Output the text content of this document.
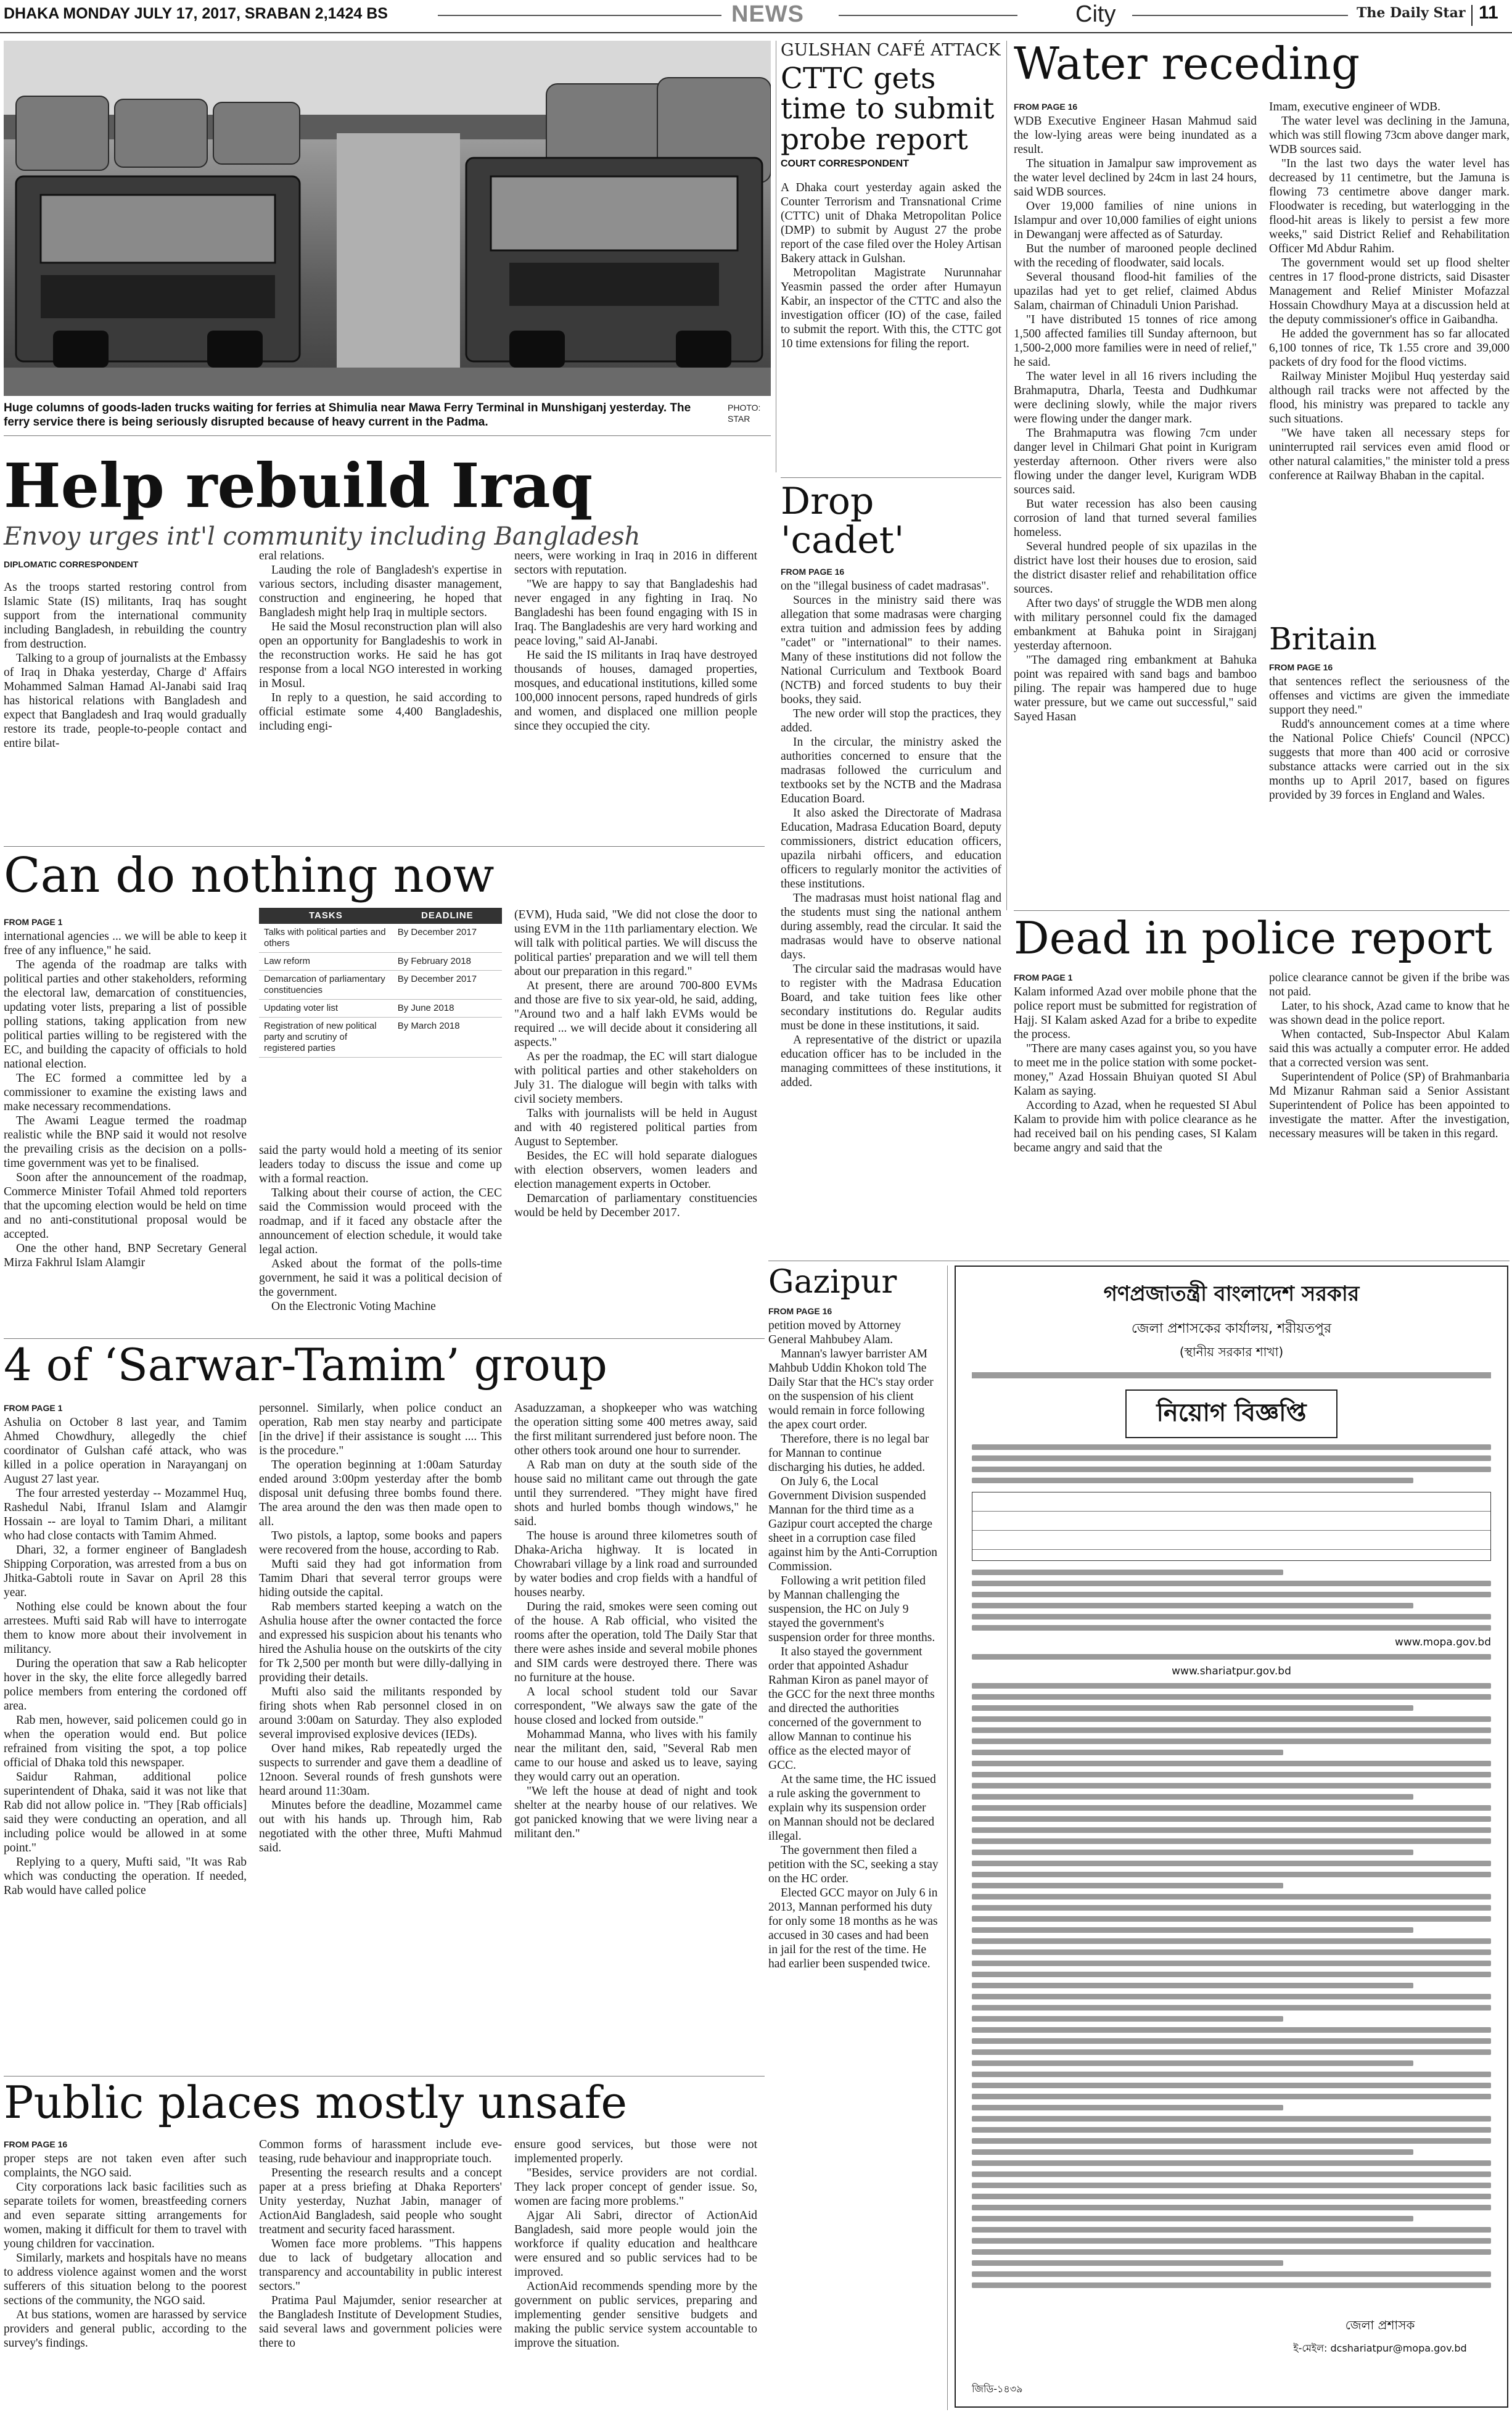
DHAKA MONDAY JULY 17, 2017, SRABAN 2,1424 BS	NEWS	City	The Daily Star 11
Huge columns of goods-laden trucks waiting for ferries at Shimulia near Mawa Ferry Terminal in Munshiganj yesterday. The ferry service there is being seriously disrupted because of heavy current in the Padma.
PHOTO: STAR
GULSHAN CAFÉ ATTACK
CTTC gets time to submit probe report
COURT CORRESPONDENT

A Dhaka court yesterday again asked the Counter Terrorism and Transnational Crime (CTTC) unit of Dhaka Metropolitan Police (DMP) to submit by August 27 the probe report of the case filed over the Holey Artisan Bakery attack in Gulshan.

Metropolitan Magistrate Nurunnahar Yeasmin passed the order after Humayun Kabir, an inspector of the CTTC and also the investigation officer (IO) of the case, failed to submit the report. With this, the CTTC got 10 time extensions for filing the report.

Water receding
FROM PAGE 16

WDB Executive Engineer Hasan Mahmud said the low-lying areas were being inundated as a result.

The situation in Jamalpur saw improvement as the water level declined by 24cm in last 24 hours, said WDB sources.

Over 19,000 families of nine unions in Islampur and over 10,000 families of eight unions in Dewanganj were affected as of Saturday.

But the number of marooned people declined with the receding of floodwater, said locals.

Several thousand flood-hit families of the upazilas had yet to get relief, claimed Abdus Salam, chairman of Chinaduli Union Parishad.

"I have distributed 15 tonnes of rice among 1,500 affected families till Sunday afternoon, but 1,500-2,000 more families were in need of relief," he said.

The water level in all 16 rivers including the Brahmaputra, Dharla, Teesta and Dudhkumar were declining slowly, while the major rivers were flowing under the danger mark.

The Brahmaputra was flowing 7cm under danger level in Chilmari Ghat point in Kurigram yesterday afternoon. Other rivers were also flowing under the danger level, Kurigram WDB sources said.

But water recession has also been causing corrosion of land that turned several families homeless.

Several hundred people of six upazilas in the district have lost their houses due to erosion, said the district disaster relief and rehabilitation office sources.

After two days' of struggle the WDB men along with military personnel could fix the damaged embankment at Bahuka point in Sirajganj yesterday afternoon.

"The damaged ring embankment at Bahuka point was repaired with sand bags and bamboo piling. The repair was hampered due to huge water pressure, but we came out successful," said Sayed Hasan

Imam, executive engineer of WDB.

The water level was declining in the Jamuna, which was still flowing 73cm above danger mark, WDB sources said.

"In the last two days the water level has decreased by 11 centimetre, but the Jamuna is flowing 73 centimetre above danger mark. Floodwater is receding, but waterlogging in the flood-hit areas is likely to persist a few more weeks," said District Relief and Rehabilitation Officer Md Abdur Rahim.

The government would set up flood shelter centres in 17 flood-prone districts, said Disaster Management and Relief Minister Mofazzal Hossain Chowdhury Maya at a discussion held at the deputy commissioner's office in Gaibandha.

He added the government has so far allocated 6,100 tonnes of rice, Tk 1.55 crore and 39,000 packets of dry food for the flood victims.

Railway Minister Mojibul Huq yesterday said although rail tracks were not affected by the flood, his ministry was prepared to tackle any such situations.

"We have taken all necessary steps for uninterrupted rail services even amid flood or other natural calamities," the minister told a press conference at Railway Bhaban in the capital.

Britain
FROM PAGE 16

that sentences reflect the seriousness of the offenses and victims are given the immediate support they need."

Rudd's announcement comes at a time where the National Police Chiefs' Council (NPCC) suggests that more than 400 acid or corrosive substance attacks were carried out in the six months up to April 2017, based on figures provided by 39 forces in England and Wales.

Help rebuild Iraq
Envoy urges int'l community including Bangladesh
DIPLOMATIC CORRESPONDENT

As the troops started restoring control from Islamic State (IS) militants, Iraq has sought support from the international community including Bangladesh, in rebuilding the country from destruction.

Talking to a group of journalists at the Embassy of Iraq in Dhaka yesterday, Charge d' Affairs Mohammed Salman Hamad Al-Janabi said Iraq has historical relations with Bangladesh and expect that Bangladesh and Iraq would gradually restore its trade, people-to-people contact and entire bilat-

eral relations.

Lauding the role of Bangladesh's expertise in various sectors, including disaster management, construction and engineering, he hoped that Bangladesh might help Iraq in multiple sectors.

He said the Mosul reconstruction plan will also open an opportunity for Bangladeshis to work in the reconstruction works. He said he has got response from a local NGO interested in working in Mosul.

In reply to a question, he said according to official estimate some 4,400 Bangladeshis, including engi-

neers, were working in Iraq in 2016 in different sectors with reputation.

"We are happy to say that Bangladeshis had never engaged in any fighting in Iraq. No Bangladeshi has been found engaging with IS in Iraq. The Bangladeshis are very hard working and peace loving," said Al-Janabi.

He said the IS militants in Iraq have destroyed thousands of houses, damaged properties, mosques, and educational institutions, killed some 100,000 innocent persons, raped hundreds of girls and women, and displaced one million people since they occupied the city.

Drop 'cadet'
FROM PAGE 16

on the "illegal business of cadet madrasas".

Sources in the ministry said there was allegation that some madrasas were charging extra tuition and admission fees by adding "cadet" or "international" to their names. Many of these institutions did not follow the National Curriculum and Textbook Board (NCTB) and forced students to buy their books, they said.

The new order will stop the practices, they added.

In the circular, the ministry asked the authorities concerned to ensure that the madrasas followed the curriculum and textbooks set by the NCTB and the Madrasa Education Board.

It also asked the Directorate of Madrasa Education, Madrasa Education Board, deputy commissioners, district education officers, upazila nirbahi officers, and education officers to regularly monitor the activities of these institutions.

The madrasas must hoist national flag and the students must sing the national anthem during assembly, read the circular. It said the madrasas would have to observe national days.

The circular said the madrasas would have to register with the Madrasa Education Board, and take tuition fees like other secondary institutions do. Regular audits must be done in these institutions, it said.

A representative of the district or upazila education officer has to be included in the managing committees of these institutions, it added.

Can do nothing now
FROM PAGE 1

international agencies ... we will be able to keep it free of any influence," he said.

The agenda of the roadmap are talks with political parties and other stakeholders, reforming the electoral law, demarcation of constituencies, updating voter lists, preparing a list of possible polling stations, taking application from new political parties willing to be registered with the EC, and building the capacity of officials to hold national election.

The EC formed a committee led by a commissioner to examine the existing laws and make necessary recommendations.

The Awami League termed the roadmap realistic while the BNP said it would not resolve the prevailing crisis as the decision on a polls-time government was yet to be finalised.

Soon after the announcement of the roadmap, Commerce Minister Tofail Ahmed told reporters that the upcoming election would be held on time and no anti-constitutional proposal would be accepted.

One the other hand, BNP Secretary General Mirza Fakhrul Islam Alamgir

TASKS	DEADLINE
Talks with political parties and others	By December 2017
Law reform	By February 2018
Demarcation of parliamentary constituencies	By December 2017
Updating voter list	By June 2018
Registration of new political party and scrutiny of registered parties	By March 2018

said the party would hold a meeting of its senior leaders today to discuss the issue and come up with a formal reaction.

Talking about their course of action, the CEC said the Commission would proceed with the roadmap, and if it faced any obstacle after the announcement of election schedule, it would take legal action.

Asked about the format of the polls-time government, he said it was a political decision of the government.

On the Electronic Voting Machine

(EVM), Huda said, "We did not close the door to using EVM in the 11th parliamentary election. We will talk with political parties. We will discuss the political parties' preparation and we will tell them about our preparation in this regard."

At present, there are around 700-800 EVMs and those are five to six year-old, he said, adding, "Around two and a half lakh EVMs would be required ... we will decide about it considering all aspects."

As per the roadmap, the EC will start dialogue with political parties and other stakeholders on July 31. The dialogue will begin with talks with civil society members.

Talks with journalists will be held in August and with 40 registered political parties from August to September.

Besides, the EC will hold separate dialogues with election observers, women leaders and election management experts in October.

Demarcation of parliamentary constituencies would be held by December 2017.

Dead in police report
FROM PAGE 1

Kalam informed Azad over mobile phone that the police report must be submitted for registration of Hajj. SI Kalam asked Azad for a bribe to expedite the process.

"There are many cases against you, so you have to meet me in the police station with some pocket-money," Azad Hossain Bhuiyan quoted SI Abul Kalam as saying.

According to Azad, when he requested SI Abul Kalam to provide him with police clearance as he had received bail on his pending cases, SI Kalam became angry and said that the

police clearance cannot be given if the bribe was not paid.

Later, to his shock, Azad came to know that he was shown dead in the police report.

When contacted, Sub-Inspector Abul Kalam said this was actually a computer error. He added that a corrected version was sent.

Superintendent of Police (SP) of Brahmanbaria Md Mizanur Rahman said a Senior Assistant Superintendent of Police has been appointed to investigate the matter. After the investigation, necessary measures will be taken in this regard.

Gazipur
FROM PAGE 16

petition moved by Attorney General Mahbubey Alam.

Mannan's lawyer barrister AM Mahbub Uddin Khokon told The Daily Star that the HC's stay order on the suspension of his client would remain in force following the apex court order.

Therefore, there is no legal bar for Mannan to continue discharging his duties, he added.

On July 6, the Local Government Division suspended Mannan for the third time as a Gazipur court accepted the charge sheet in a corruption case filed against him by the Anti-Corruption Commission.

Following a writ petition filed by Mannan challenging the suspension, the HC on July 9 stayed the government's suspension order for three months.

It also stayed the government order that appointed Ashadur Rahman Kiron as panel mayor of the GCC for the next three months and directed the authorities concerned of the government to allow Mannan to continue his office as the elected mayor of GCC.

At the same time, the HC issued a rule asking the government to explain why its suspension order on Mannan should not be declared illegal.

The government then filed a petition with the SC, seeking a stay on the HC order.

Elected GCC mayor on July 6 in 2013, Mannan performed his duty for only some 18 months as he was accused in 30 cases and had been in jail for the rest of the time. He had earlier been suspended twice.

গণপ্রজাতন্ত্রী বাংলাদেশ সরকার
জেলা প্রশাসকের কার্যালয়, শরীয়তপুর
(স্থানীয় সরকার শাখা)
নিয়োগ বিজ্ঞপ্তি
www.mopa.gov.bd
www.shariatpur.gov.bd
জেলা প্রশাসক
ই-মেইল: dcshariatpur@mopa.gov.bd
জিডি-১৪৩৯
4 of ‘Sarwar-Tamim’ group
FROM PAGE 1

Ashulia on October 8 last year, and Tamim Ahmed Chowdhury, allegedly the chief coordinator of Gulshan café attack, who was killed in a police operation in Narayanganj on August 27 last year.

The four arrested yesterday -- Mozammel Huq, Rashedul Nabi, Ifranul Islam and Alamgir Hossain -- are loyal to Tamim Dhari, a militant who had close contacts with Tamim Ahmed.

Dhari, 32, a former engineer of Bangladesh Shipping Corporation, was arrested from a bus on Jhitka-Gabtoli route in Savar on April 28 this year.

Nothing else could be known about the four arrestees. Mufti said Rab will have to interrogate them to know more about their involvement in militancy.

During the operation that saw a Rab helicopter hover in the sky, the elite force allegedly barred police members from entering the cordoned off area.

Rab men, however, said policemen could go in when the operation would end. But police refrained from visiting the spot, a top police official of Dhaka told this newspaper.

Saidur Rahman, additional police superintendent of Dhaka, said it was not like that Rab did not allow police in. "They [Rab officials] said they were conducting an operation, and all including police would be allowed in at some point."

Replying to a query, Mufti said, "It was Rab which was conducting the operation. If needed, Rab would have called police

personnel. Similarly, when police conduct an operation, Rab men stay nearby and participate [in the drive] if their assistance is sought .... This is the procedure."

The operation beginning at 1:00am Saturday ended around 3:00pm yesterday after the bomb disposal unit defusing three bombs found there. The area around the den was then made open to all.

Two pistols, a laptop, some books and papers were recovered from the house, according to Rab.

Mufti said they had got information from Tamim Dhari that several terror groups were hiding outside the capital.

Rab members started keeping a watch on the Ashulia house after the owner contacted the force and expressed his suspicion about his tenants who hired the Ashulia house on the outskirts of the city for Tk 2,500 per month but were dilly-dallying in providing their details.

Mufti also said the militants responded by firing shots when Rab personnel closed in on around 3:00am on Saturday. They also exploded several improvised explosive devices (IEDs).

Over hand mikes, Rab repeatedly urged the suspects to surrender and gave them a deadline of 12noon. Several rounds of fresh gunshots were heard around 11:30am.

Minutes before the deadline, Mozammel came out with his hands up. Through him, Rab negotiated with the other three, Mufti Mahmud said.

Asaduzzaman, a shopkeeper who was watching the operation sitting some 400 metres away, said the first militant surrendered just before noon. The other others took around one hour to surrender.

A Rab man on duty at the south side of the house said no militant came out through the gate until they surrendered. "They might have fired shots and hurled bombs though windows," he said.

The house is around three kilometres south of Dhaka-Aricha highway. It is located in Chowrabari village by a link road and surrounded by water bodies and crop fields with a handful of houses nearby.

During the raid, smokes were seen coming out of the house. A Rab official, who visited the rooms after the operation, told The Daily Star that there were ashes inside and several mobile phones and SIM cards were destroyed there. There was no furniture at the house.

A local school student told our Savar correspondent, "We always saw the gate of the house closed and locked from outside."

Mohammad Manna, who lives with his family near the militant den, said, "Several Rab men came to our house and asked us to leave, saying they would carry out an operation.

"We left the house at dead of night and took shelter at the nearby house of our relatives. We got panicked knowing that we were living near a militant den."

Public places mostly unsafe
FROM PAGE 16

proper steps are not taken even after such complaints, the NGO said.

City corporations lack basic facilities such as separate toilets for women, breastfeeding corners and even separate sitting arrangements for women, making it difficult for them to travel with young children for vaccination.

Similarly, markets and hospitals have no means to address violence against women and the worst sufferers of this situation belong to the poorest sections of the community, the NGO said.

At bus stations, women are harassed by service providers and general public, according to the survey's findings.

Common forms of harassment include eve-teasing, rude behaviour and inappropriate touch.

Presenting the research results and a concept paper at a press briefing at Dhaka Reporters' Unity yesterday, Nuzhat Jabin, manager of ActionAid Bangladesh, said people who sought treatment and security faced harassment.

Women face more problems. "This happens due to lack of budgetary allocation and transparency and accountability in public interest sectors."

Pratima Paul Majumder, senior researcher at the Bangladesh Institute of Development Studies, said several laws and government policies were there to

ensure good services, but those were not implemented properly.

"Besides, service providers are not cordial. They lack proper concept of gender issue. So, women are facing more problems."

Ajgar Ali Sabri, director of ActionAid Bangladesh, said more people would join the workforce if quality education and healthcare were ensured and so public services had to be improved.

ActionAid recommends spending more by the government on public services, preparing and implementing gender sensitive budgets and making the public service system accountable to improve the situation.
